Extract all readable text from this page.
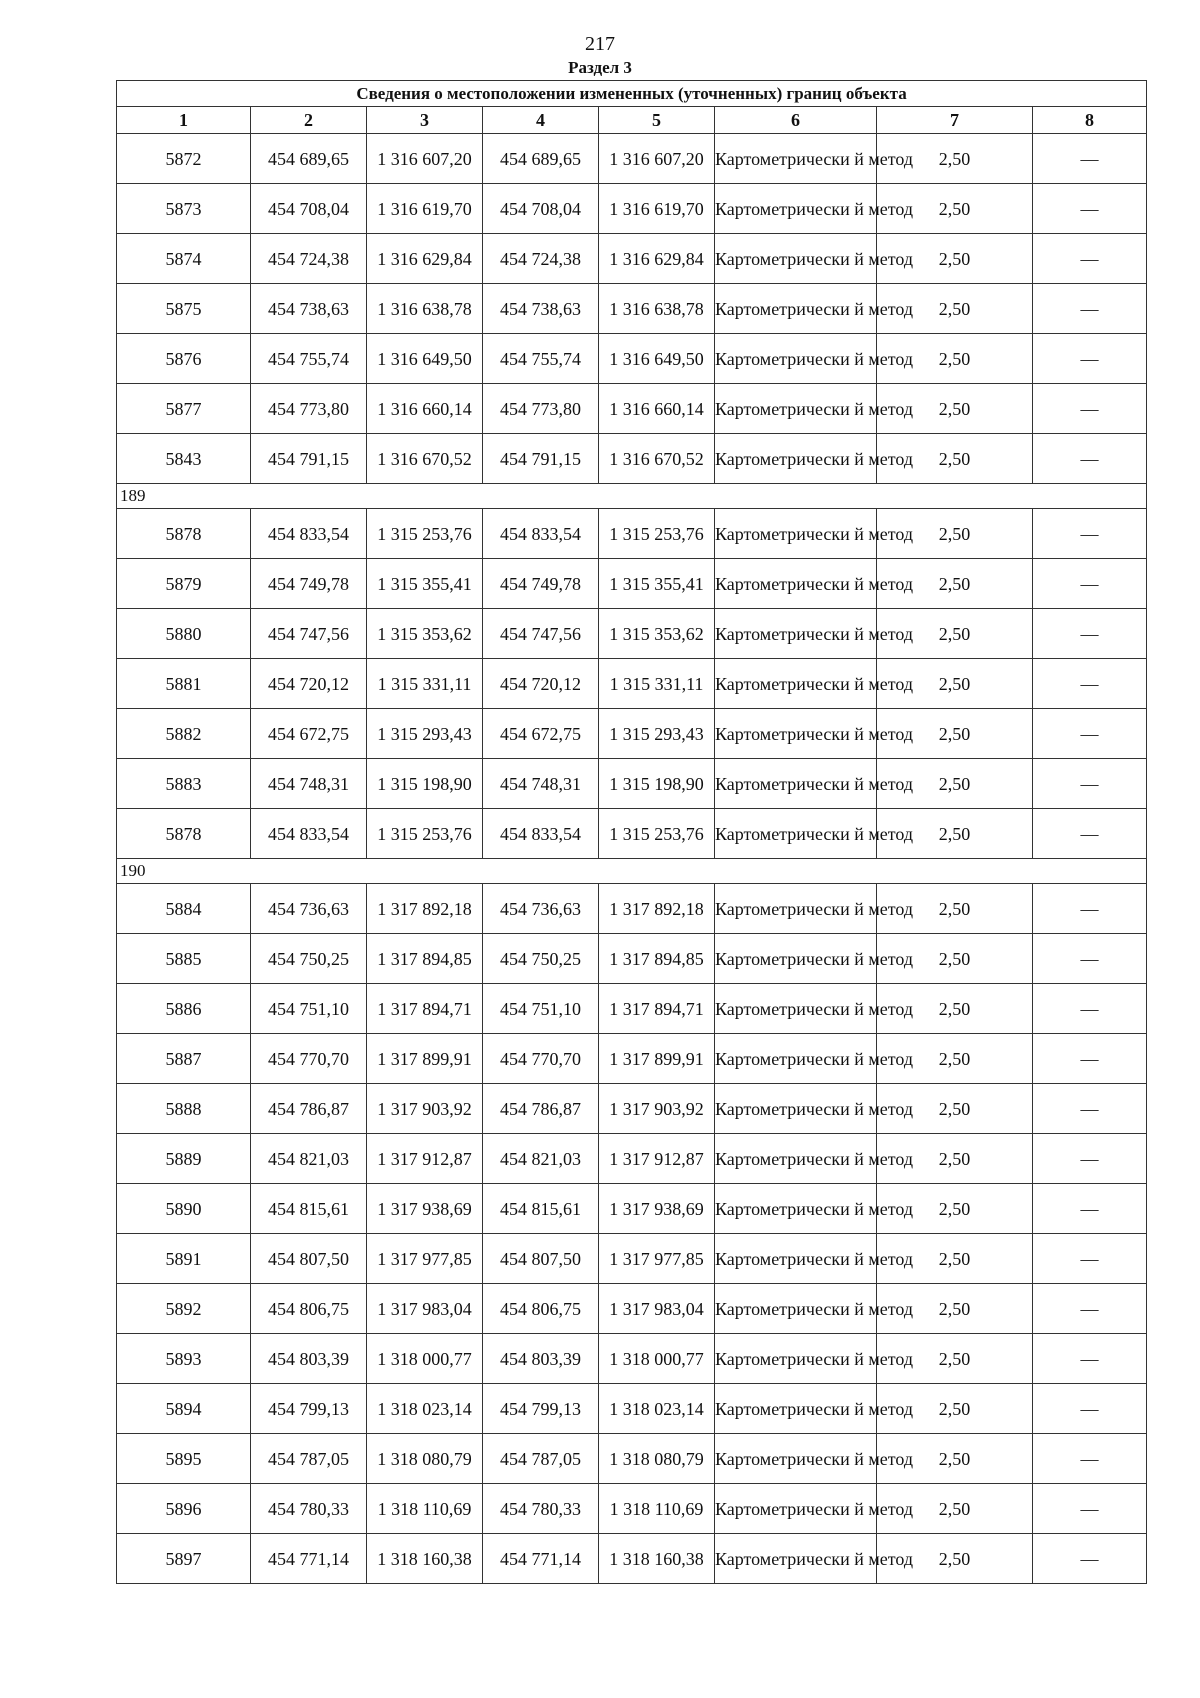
217
Раздел 3
Сведения о местоположении измененных (уточненных) границ объекта							
1	2	3	4	5	6	7	8
5872	454 689,65	1 316 607,20	454 689,65	1 316 607,20	Картометрически й метод	2,50	—
5873	454 708,04	1 316 619,70	454 708,04	1 316 619,70	Картометрически й метод	2,50	—
5874	454 724,38	1 316 629,84	454 724,38	1 316 629,84	Картометрически й метод	2,50	—
5875	454 738,63	1 316 638,78	454 738,63	1 316 638,78	Картометрически й метод	2,50	—
5876	454 755,74	1 316 649,50	454 755,74	1 316 649,50	Картометрически й метод	2,50	—
5877	454 773,80	1 316 660,14	454 773,80	1 316 660,14	Картометрически й метод	2,50	—
5843	454 791,15	1 316 670,52	454 791,15	1 316 670,52	Картометрически й метод	2,50	—
189							
5878	454 833,54	1 315 253,76	454 833,54	1 315 253,76	Картометрически й метод	2,50	—
5879	454 749,78	1 315 355,41	454 749,78	1 315 355,41	Картометрически й метод	2,50	—
5880	454 747,56	1 315 353,62	454 747,56	1 315 353,62	Картометрически й метод	2,50	—
5881	454 720,12	1 315 331,11	454 720,12	1 315 331,11	Картометрически й метод	2,50	—
5882	454 672,75	1 315 293,43	454 672,75	1 315 293,43	Картометрически й метод	2,50	—
5883	454 748,31	1 315 198,90	454 748,31	1 315 198,90	Картометрически й метод	2,50	—
5878	454 833,54	1 315 253,76	454 833,54	1 315 253,76	Картометрически й метод	2,50	—
190							
5884	454 736,63	1 317 892,18	454 736,63	1 317 892,18	Картометрически й метод	2,50	—
5885	454 750,25	1 317 894,85	454 750,25	1 317 894,85	Картометрически й метод	2,50	—
5886	454 751,10	1 317 894,71	454 751,10	1 317 894,71	Картометрически й метод	2,50	—
5887	454 770,70	1 317 899,91	454 770,70	1 317 899,91	Картометрически й метод	2,50	—
5888	454 786,87	1 317 903,92	454 786,87	1 317 903,92	Картометрически й метод	2,50	—
5889	454 821,03	1 317 912,87	454 821,03	1 317 912,87	Картометрически й метод	2,50	—
5890	454 815,61	1 317 938,69	454 815,61	1 317 938,69	Картометрически й метод	2,50	—
5891	454 807,50	1 317 977,85	454 807,50	1 317 977,85	Картометрически й метод	2,50	—
5892	454 806,75	1 317 983,04	454 806,75	1 317 983,04	Картометрически й метод	2,50	—
5893	454 803,39	1 318 000,77	454 803,39	1 318 000,77	Картометрически й метод	2,50	—
5894	454 799,13	1 318 023,14	454 799,13	1 318 023,14	Картометрически й метод	2,50	—
5895	454 787,05	1 318 080,79	454 787,05	1 318 080,79	Картометрически й метод	2,50	—
5896	454 780,33	1 318 110,69	454 780,33	1 318 110,69	Картометрически й метод	2,50	—
5897	454 771,14	1 318 160,38	454 771,14	1 318 160,38	Картометрически й метод	2,50	—
